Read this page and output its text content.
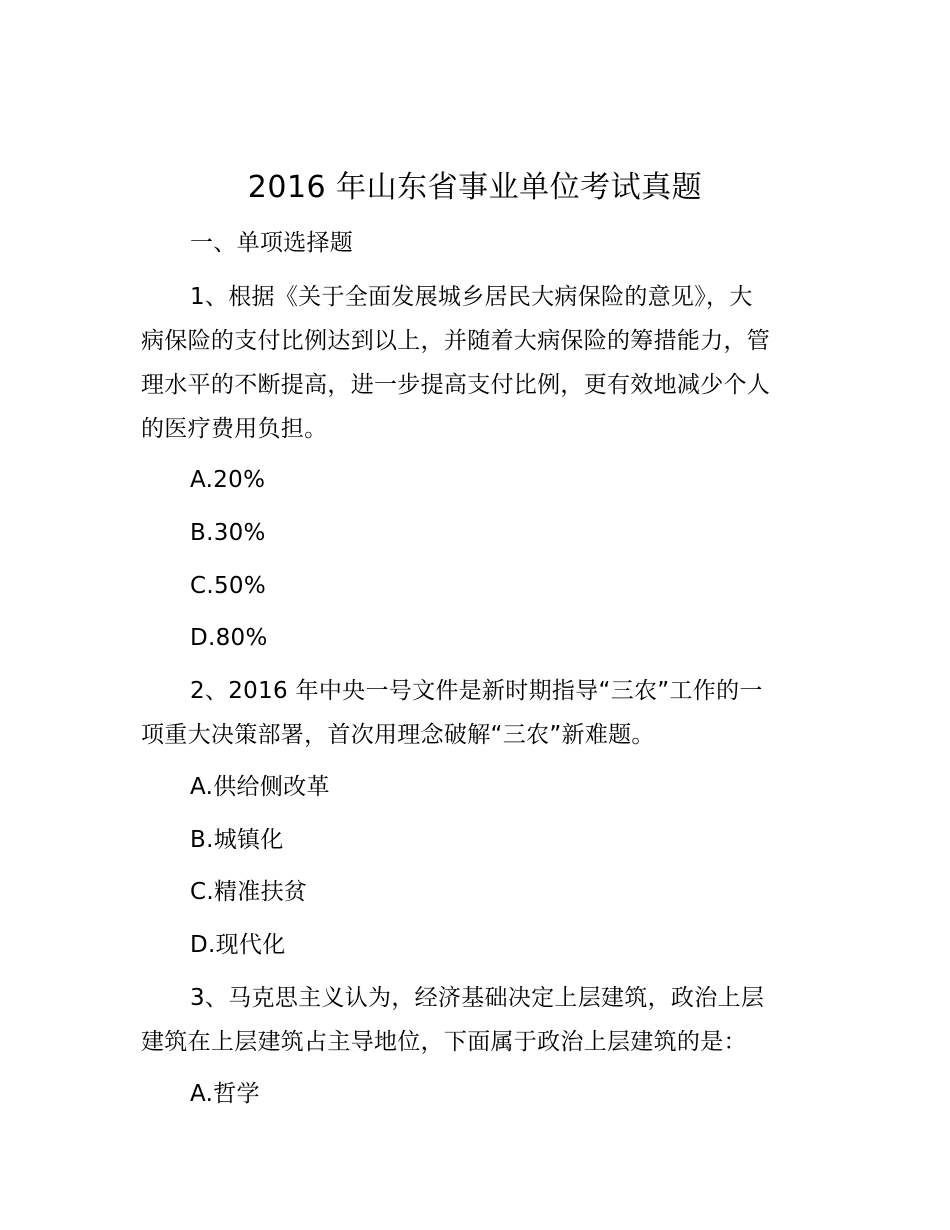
2016 年山东省事业单位考试真题
一、单项选择题
1、根据《关于全面发展城乡居民大病保险的意见》，大
病保险的支付比例达到以上，并随着大病保险的筹措能力，管
理水平的不断提高，进一步提高支付比例，更有效地减少个人
的医疗费用负担。
A.20%
B.30%
C.50%
D.80%
2、2016 年中央一号文件是新时期指导“三农”工作的一
项重大决策部署，首次用理念破解“三农”新难题。
A.供给侧改革
B.城镇化
C.精准扶贫
D.现代化
3、马克思主义认为，经济基础决定上层建筑，政治上层
建筑在上层建筑占主导地位，下面属于政治上层建筑的是：
A.哲学
